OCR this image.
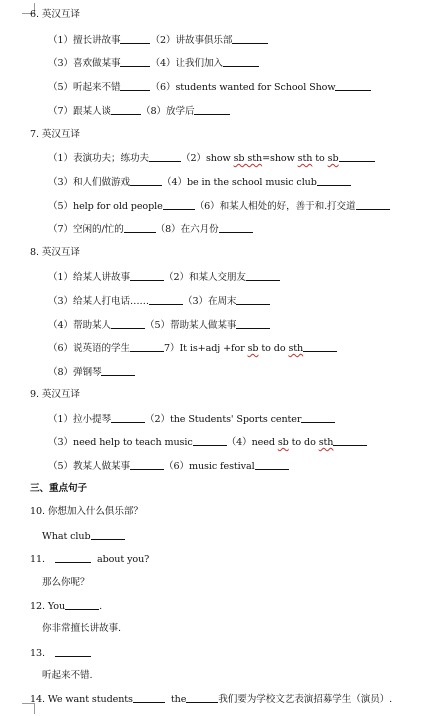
6. 英汉互译
（1）擅长讲故事	（2）讲故事俱乐部
（3）喜欢做某事	（4）让我们加入
（5）听起来不错	（6）students wanted for School Show
（7）跟某人谈	（8）放学后
7. 英汉互译
（1）表演功夫；练功夫	（2）show sb sth=show sth to sb
（3）和人们做游戏	（4）be in the school music club
（5）help for old people	（6）和某人相处的好，善于和.打交道
（7）空闲的/忙的	（8）在六月份
8. 英汉互译
（1）给某人讲故事	（2）和某人交朋友
（3）给某人打电话……	（3）在周末
（4）帮助某人	（5）帮助某人做某事
（6）说英语的学生	7）It is+adj +for sb to do sth
（8）弹钢琴
9. 英汉互译
（1）拉小提琴	（2）the Students' Sports center
（3）need help to teach music	（4）need sb to do sth
（5）教某人做某事	（6）music festival
三、重点句子
10. 你想加入什么俱乐部？
What club
11.	about you?
那么你呢？
12. You	.
你非常擅长讲故事.
13.
听起来不错.
14. We want students	the	我们要为学校文艺表演招募学生（演员）.
